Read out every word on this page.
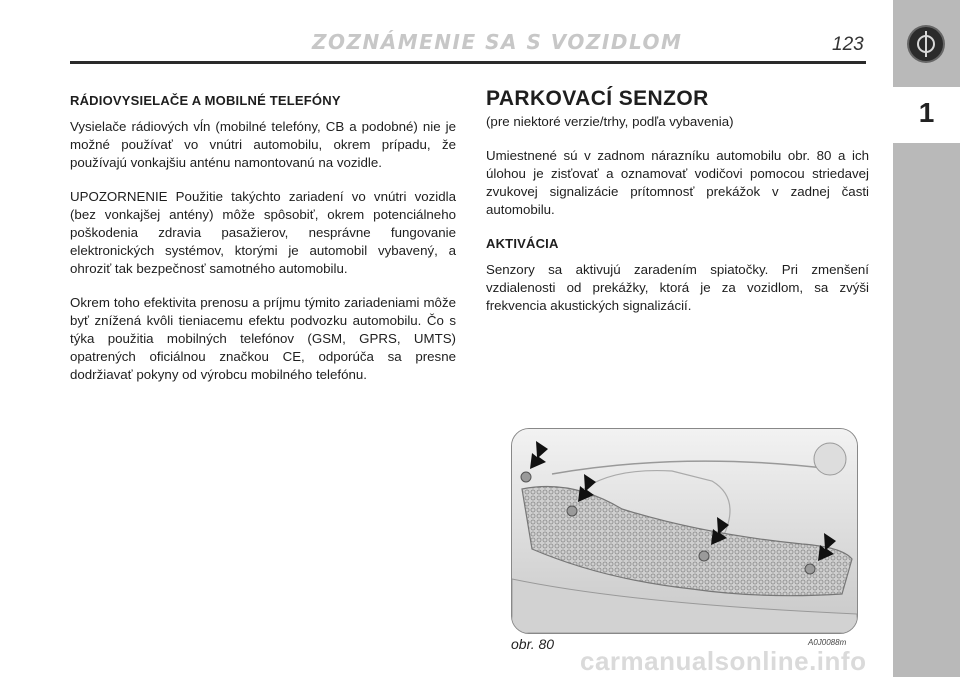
1
ZOZNÁMENIE SA S VOZIDLOM	123
RÁDIOVYSIELAČE A MOBILNÉ TELEFÓNY

Vysielače rádiových vĺn (mobilné telefóny, CB a podobné) nie je možné používať vo vnútri automobilu, okrem prípadu, že používajú vonkajšiu anténu namontovanú na vozidle.

UPOZORNENIE Použitie takýchto zariadení vo vnútri vozidla (bez vonkajšej antény) môže spôsobiť, okrem potenciálneho poškodenia zdravia pasažierov, nesprávne fungovanie elektronických systémov, ktorými je automobil vybavený, a ohroziť tak bezpečnosť samotného automobilu.

Okrem toho efektivita prenosu a príjmu týmito zariadeniami môže byť znížená kvôli tieniacemu efektu podvozku automobilu. Čo s týka použitia mobilných telefónov (GSM, GPRS, UMTS) opatrených oficiálnou značkou CE, odporúča sa presne dodržiavať pokyny od výrobcu mobilného telefónu.

PARKOVACÍ SENZOR
(pre niektoré verzie/trhy, podľa vybavenia)

Umiestnené sú v zadnom nárazníku automobilu obr. 80 a ich úlohou je zisťovať a oznamovať vodičovi pomocou striedavej zvukovej signalizácie prítomnosť prekážok v zadnej časti automobilu.

AKTIVÁCIA

Senzory sa aktivujú zaradením spiatočky. Pri zmenšení vzdialenosti od prekážky, ktorá je za vozidlom, sa zvýši frekvencia akustických signalizácií.

A0J0088m
obr. 80
carmanualsonline.info
